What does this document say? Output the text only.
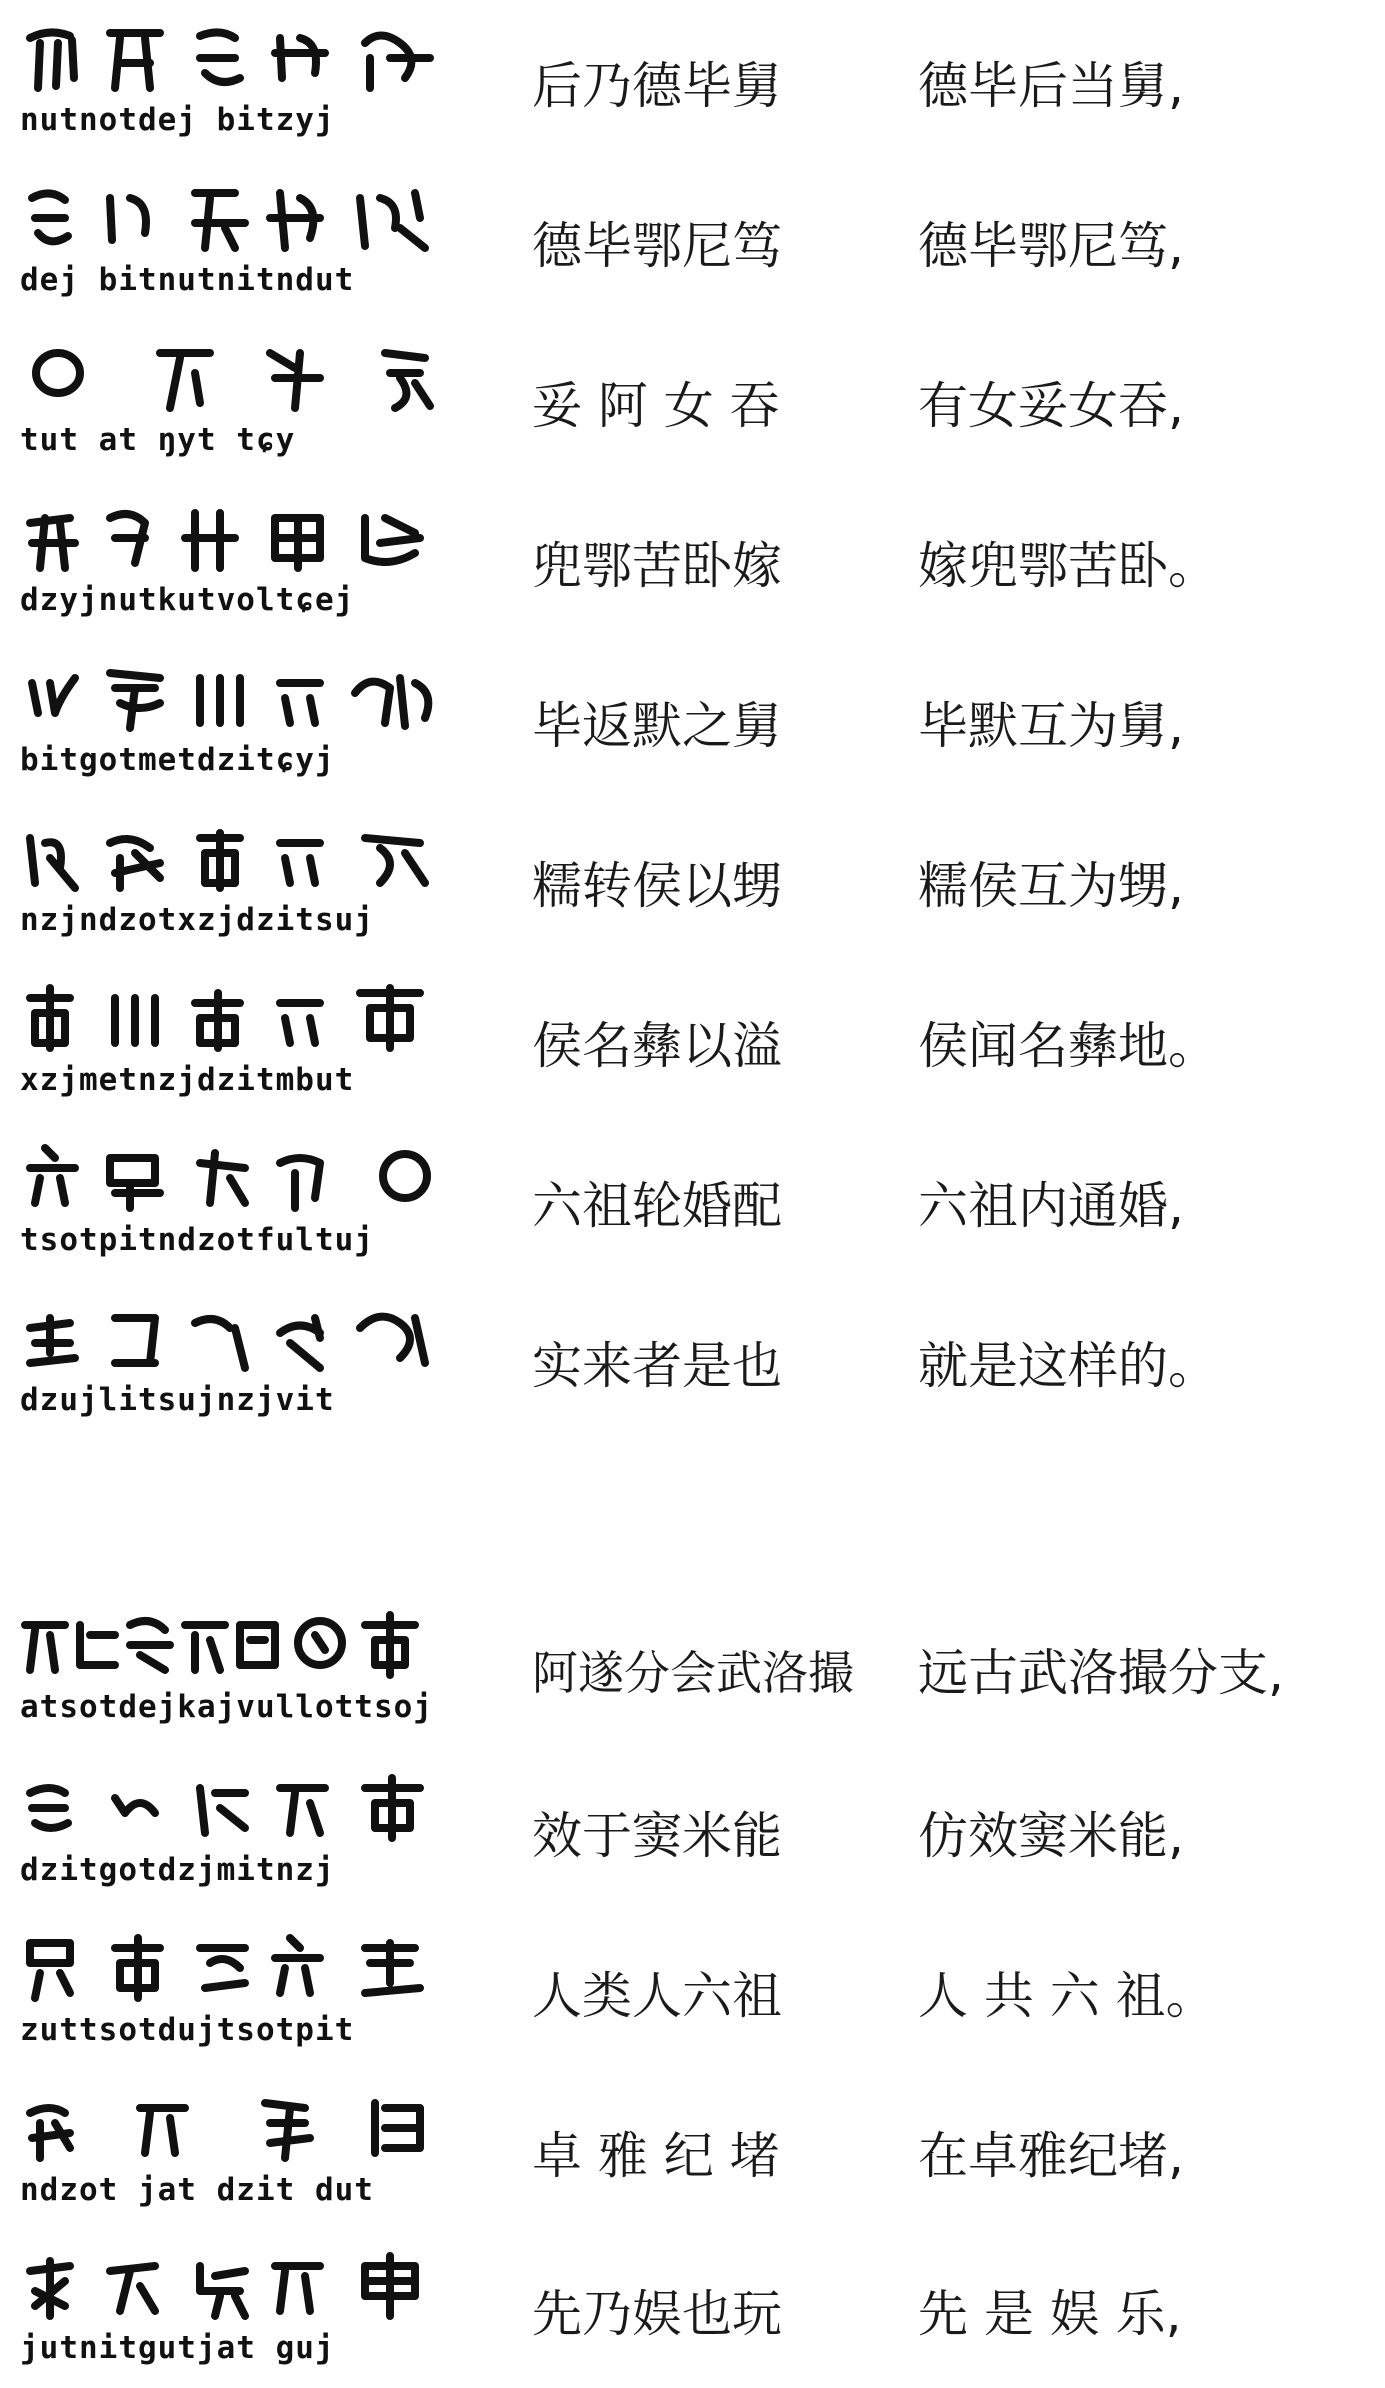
nutnotdej bitzyj
后乃德毕舅	德毕后当舅,
dej bitnutnitndut
德毕鄂尼笃	德毕鄂尼笃,
tut at ŋyt tɕy
妥 阿 女 吞	有女妥女吞,
dzyjnutkutvoltɕej
兜鄂苦卧嫁	嫁兜鄂苦卧。
bitgotmetdzitɕyj
毕返默之舅	毕默互为舅,
nzjndzotxzjdzitsuj
糯转侯以甥	糯侯互为甥,
xzjmetnzjdzitmbut
侯名彝以溢	侯闻名彝地。
tsotpitndzotfultuj
六祖轮婚配	六祖内通婚,
dzujlitsujnzjvit
实来者是也	就是这样的。
atsotdejkajvullottsoj
阿遂分会武洛撮 远古武洛撮分支,
dzitgotdzjmitnzj
效于窦米能	仿效窦米能,
zuttsotdujtsotpit
人类人六祖	人 共 六 祖。
ndzot jat dzit dut
卓 雅 纪 堵	在卓雅纪堵,
jutnitgutjat guj
先乃娱也玩	先 是 娱 乐,
